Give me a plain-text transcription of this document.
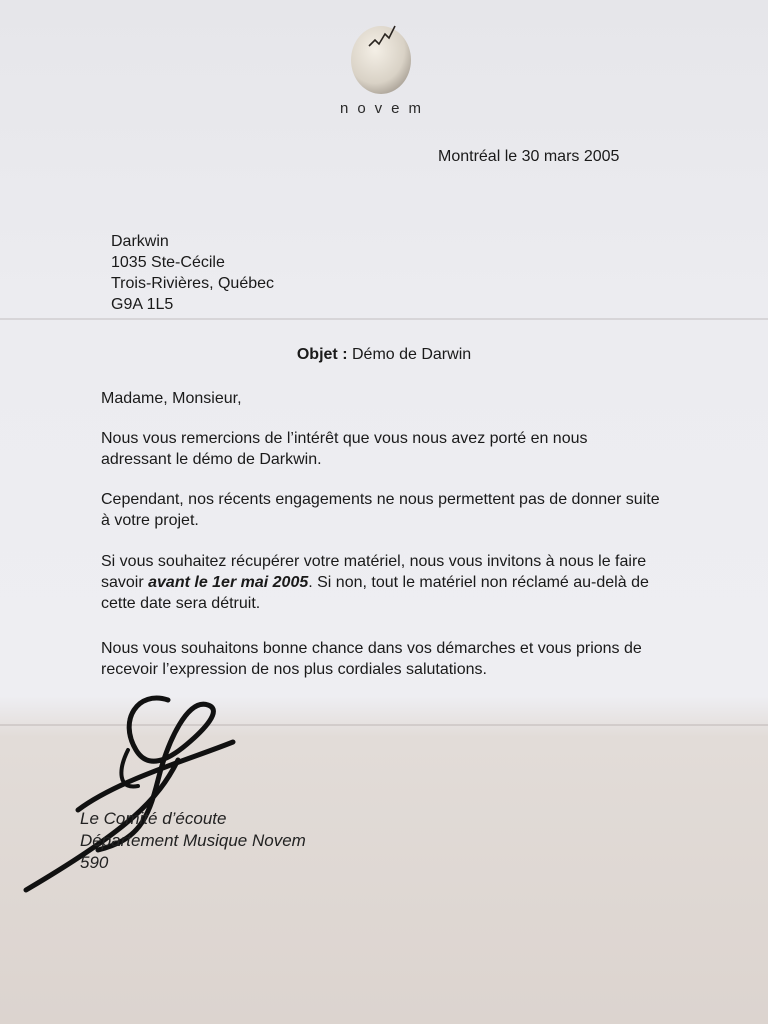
novem
Montréal le 30 mars 2005
Darkwin
1035 Ste-Cécile
Trois-Rivières, Québec
G9A 1L5
Objet : Démo de Darwin
Madame, Monsieur,

Nous vous remercions de l’intérêt que vous nous avez porté en nous adressant le démo de Darkwin.

Cependant, nos récents engagements ne nous permettent pas de donner suite à votre projet.

Si vous souhaitez récupérer votre matériel, nous vous invitons à nous le faire savoir avant le 1er mai 2005. Si non, tout le matériel non réclamé au-delà de cette date sera détruit.

Nous vous souhaitons bonne chance dans vos démarches et vous prions de recevoir l’expression de nos plus cordiales salutations.

Le Comité d’écoute
Département Musique Novem
590
